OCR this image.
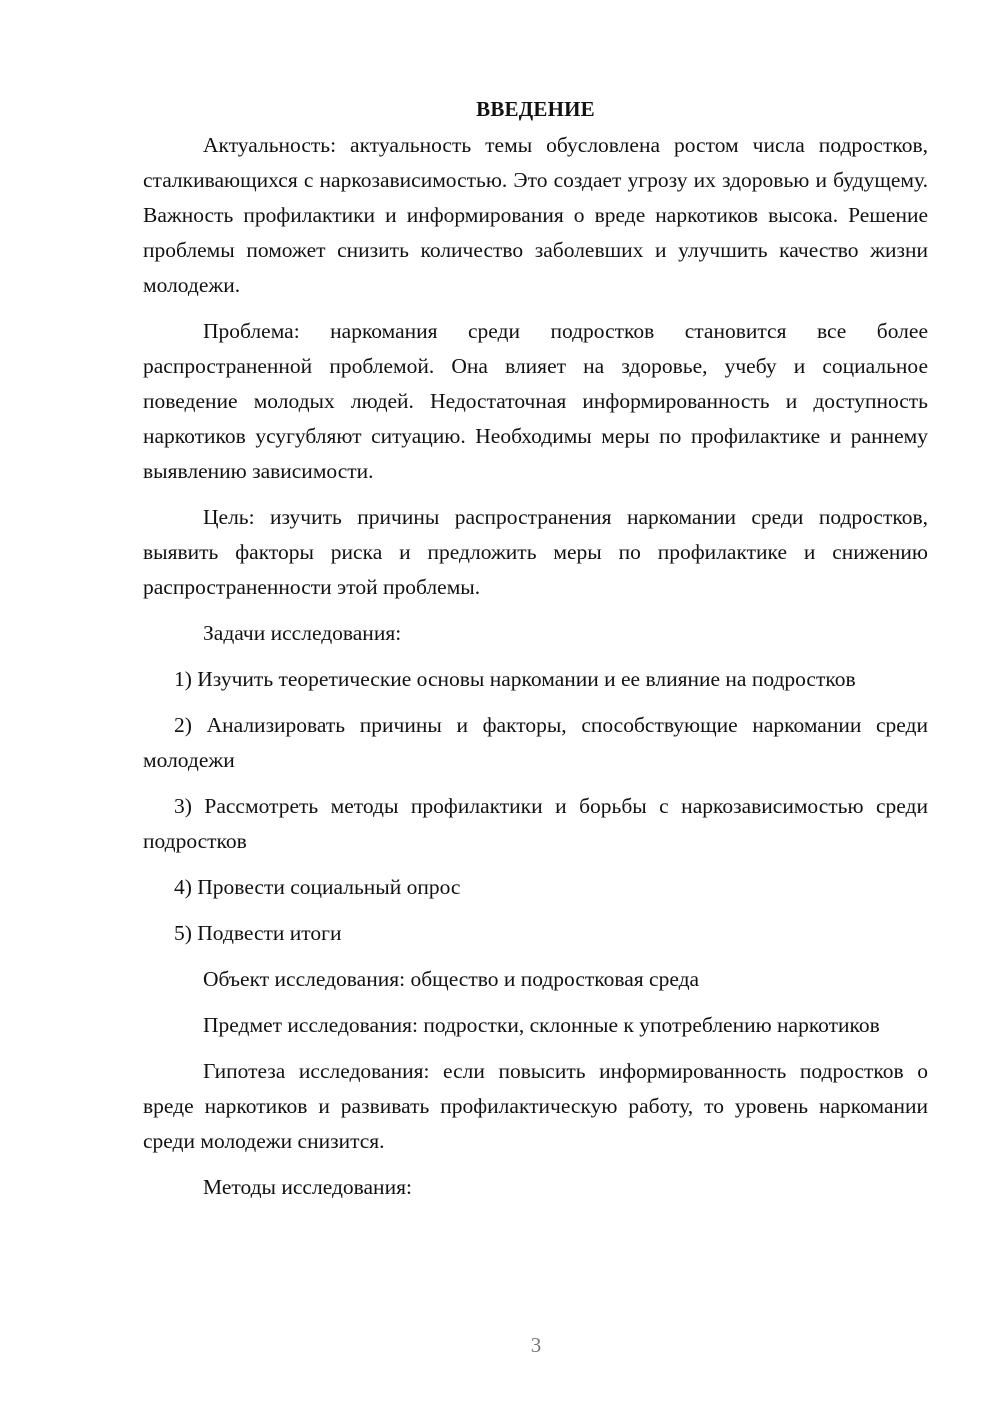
ВВЕДЕНИЕ

Актуальность: актуальность темы обусловлена ростом числа подростков, сталкивающихся с наркозависимостью. Это создает угрозу их здоровью и будущему. Важность профилактики и информирования о вреде наркотиков высока. Решение проблемы поможет снизить количество заболевших и улучшить качество жизни молодежи.

Проблема: наркомания среди подростков становится все более распространенной проблемой. Она влияет на здоровье, учебу и социальное поведение молодых людей. Недостаточная информированность и доступность наркотиков усугубляют ситуацию. Необходимы меры по профилактике и раннему выявлению зависимости.

Цель: изучить причины распространения наркомании среди подростков, выявить факторы риска и предложить меры по профилактике и снижению распространенности этой проблемы.

Задачи исследования:

1) Изучить теоретические основы наркомании и ее влияние на подростков

2) Анализировать причины и факторы, способствующие наркомании среди молодежи

3) Рассмотреть методы профилактики и борьбы с наркозависимостью среди подростков

4) Провести социальный опрос

5) Подвести итоги

Объект исследования: общество и подростковая среда

Предмет исследования: подростки, склонные к употреблению наркотиков

Гипотеза исследования: если повысить информированность подростков о вреде наркотиков и развивать профилактическую работу, то уровень наркомании среди молодежи снизится.

Методы исследования:

3
